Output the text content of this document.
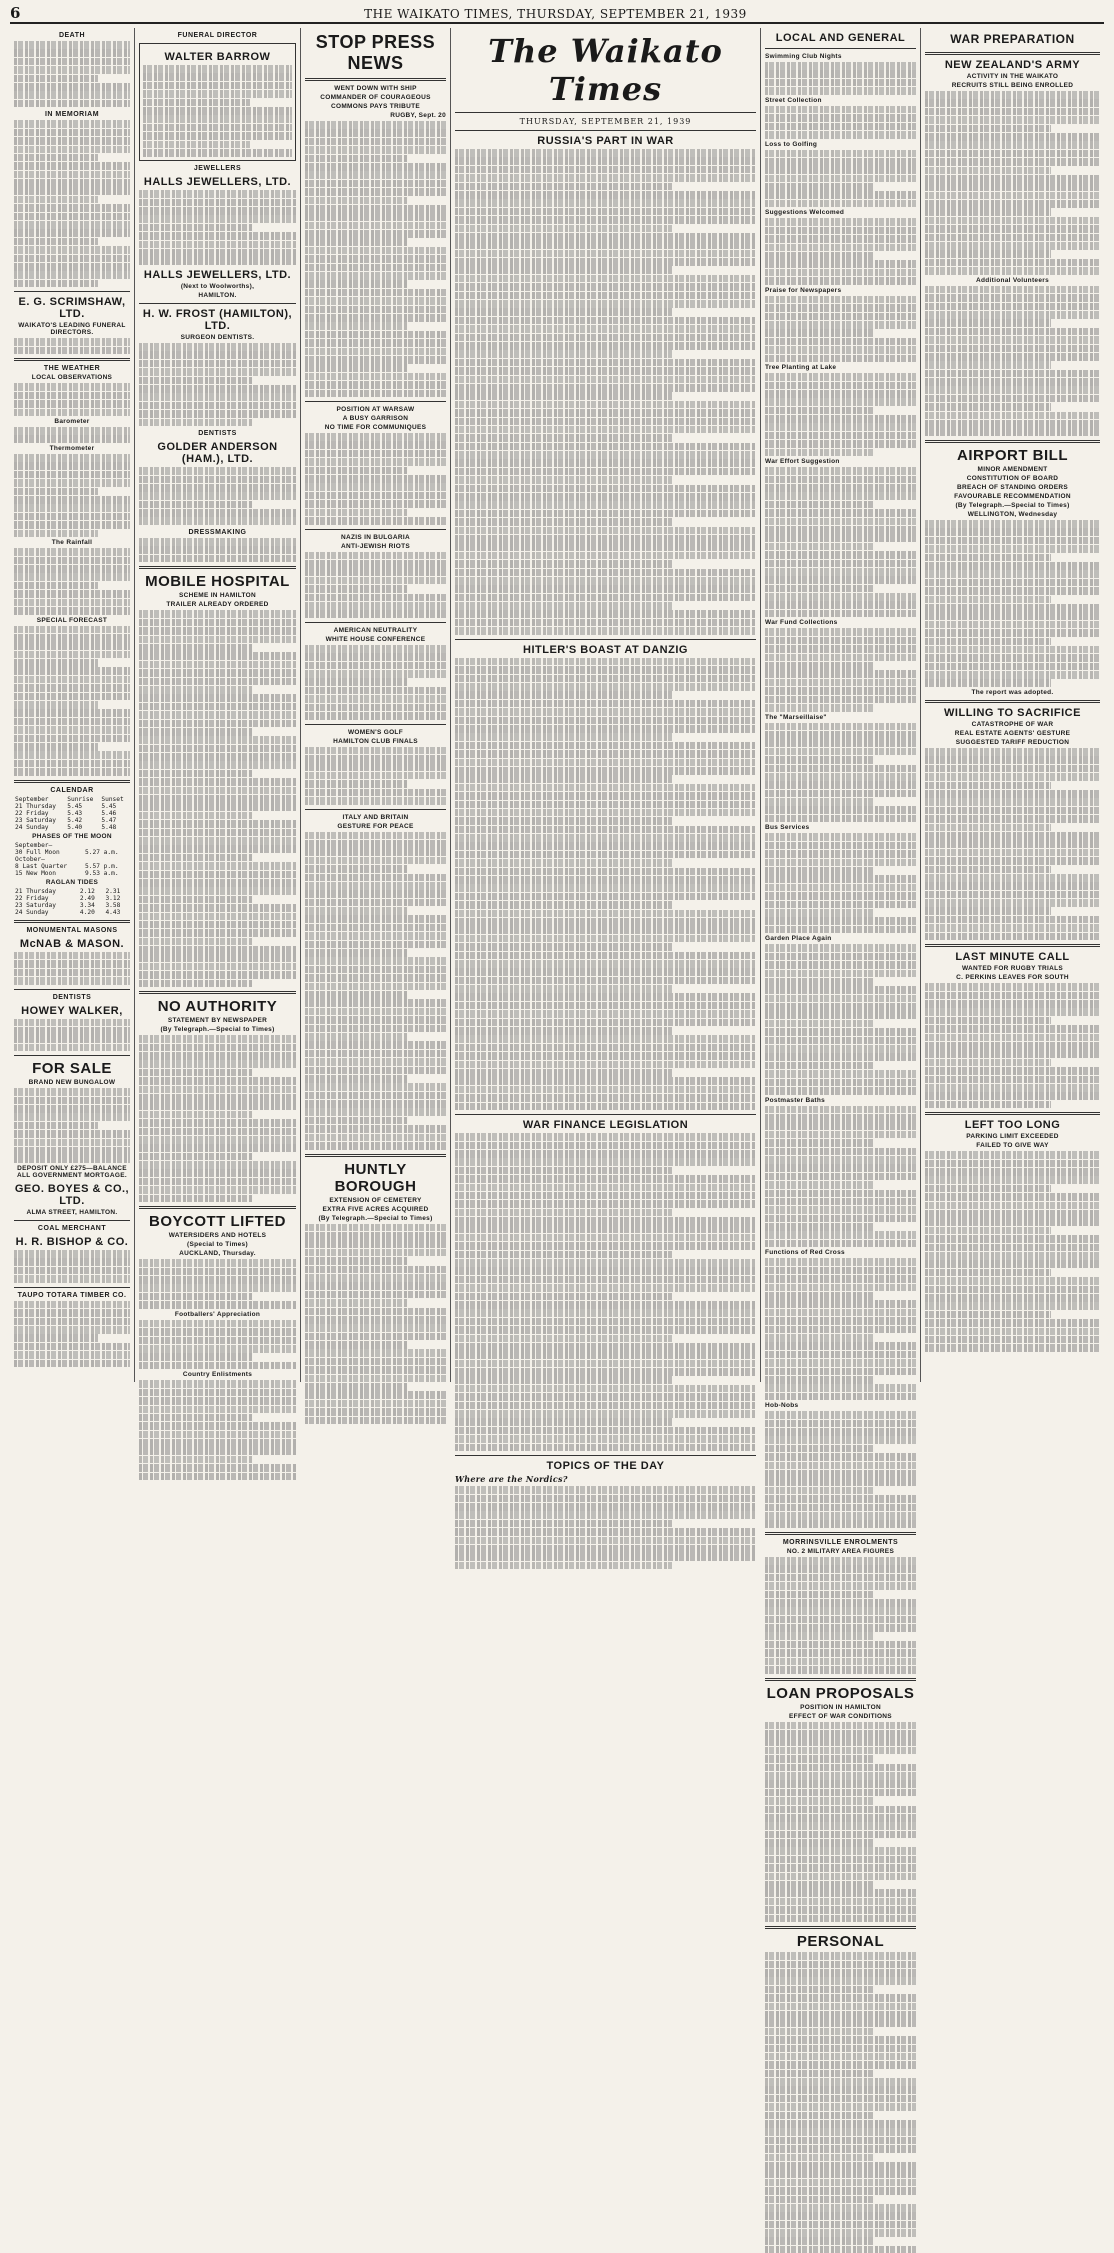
6	THE WAIKATO TIMES, THURSDAY, SEPTEMBER 21, 1939
DEATH
IN MEMORIAM
E. G. SCRIMSHAW, LTD.
WAIKATO'S LEADING FUNERAL DIRECTORS.
THE WEATHER
LOCAL OBSERVATIONS
Barometer
Thermometer
The Rainfall
SPECIAL FORECAST
CALENDAR
September	Sunrise	Sunset
21 Thursday	5.45	5.45
22 Friday	5.43	5.46
23 Saturday	5.42	5.47
24 Sunday	5.40	5.48
PHASES OF THE MOON
September—	
30 Full Moon	5.27 a.m.
October—	
8 Last Quarter	5.57 p.m.
15 New Moon	9.53 a.m.
RAGLAN TIDES
21 Thursday	2.12	2.31
22 Friday	2.49	3.12
23 Saturday	3.34	3.58
24 Sunday	4.20	4.43
MONUMENTAL MASONS
McNAB & MASON.
DENTISTS
HOWEY WALKER,
FOR SALE
BRAND NEW BUNGALOW
DEPOSIT ONLY £275—BALANCE ALL GOVERNMENT MORTGAGE.
GEO. BOYES & CO., LTD.
ALMA STREET, HAMILTON.
COAL MERCHANT
H. R. BISHOP & CO.
TAUPO TOTARA TIMBER CO.
FUNERAL DIRECTOR
WALTER BARROW
JEWELLERS
HALLS JEWELLERS, LTD.
HALLS JEWELLERS, LTD.
(Next to Woolworths),
HAMILTON.
H. W. FROST (HAMILTON), LTD.
SURGEON DENTISTS.
DENTISTS
GOLDER ANDERSON (HAM.), LTD.
DRESSMAKING
MOBILE HOSPITAL
SCHEME IN HAMILTON
TRAILER ALREADY ORDERED
NO AUTHORITY
STATEMENT BY NEWSPAPER
(By Telegraph.—Special to Times)
BOYCOTT LIFTED
WATERSIDERS AND HOTELS
(Special to Times)
AUCKLAND, Thursday.
Footballers' Appreciation
Country Enlistments
STOP PRESS NEWS
WENT DOWN WITH SHIP
COMMANDER OF COURAGEOUS
COMMONS PAYS TRIBUTE
RUGBY, Sept. 20
POSITION AT WARSAW
A BUSY GARRISON
NO TIME FOR COMMUNIQUES
NAZIS IN BULGARIA
ANTI-JEWISH RIOTS
AMERICAN NEUTRALITY
WHITE HOUSE CONFERENCE
WOMEN'S GOLF
HAMILTON CLUB FINALS
ITALY AND BRITAIN
GESTURE FOR PEACE
HUNTLY BOROUGH
EXTENSION OF CEMETERY
EXTRA FIVE ACRES ACQUIRED
(By Telegraph.—Special to Times)
The Waikato Times
THURSDAY, SEPTEMBER 21, 1939
RUSSIA'S PART IN WAR
HITLER'S BOAST AT DANZIG
WAR FINANCE LEGISLATION
TOPICS OF THE DAY
Where are the Nordics?
LOCAL AND GENERAL
Swimming Club Nights
Street Collection
Loss to Golfing
Suggestions Welcomed
Praise for Newspapers
Tree Planting at Lake
War Effort Suggestion
War Fund Collections
The "Marseillaise"
Bus Services
Garden Place Again
Postmaster Baths
Functions of Red Cross
Hob-Nobs
MORRINSVILLE ENROLMENTS
NO. 2 MILITARY AREA FIGURES
LOAN PROPOSALS
POSITION IN HAMILTON
EFFECT OF WAR CONDITIONS
PERSONAL
WAR PREPARATION
NEW ZEALAND'S ARMY
ACTIVITY IN THE WAIKATO
RECRUITS STILL BEING ENROLLED
Additional Volunteers
AIRPORT BILL
MINOR AMENDMENT
CONSTITUTION OF BOARD
BREACH OF STANDING ORDERS
FAVOURABLE RECOMMENDATION
(By Telegraph.—Special to Times)
WELLINGTON, Wednesday
The report was adopted.
WILLING TO SACRIFICE
CATASTROPHE OF WAR
REAL ESTATE AGENTS' GESTURE
SUGGESTED TARIFF REDUCTION
LAST MINUTE CALL
WANTED FOR RUGBY TRIALS
C. PERKINS LEAVES FOR SOUTH
LEFT TOO LONG
PARKING LIMIT EXCEEDED
FAILED TO GIVE WAY
